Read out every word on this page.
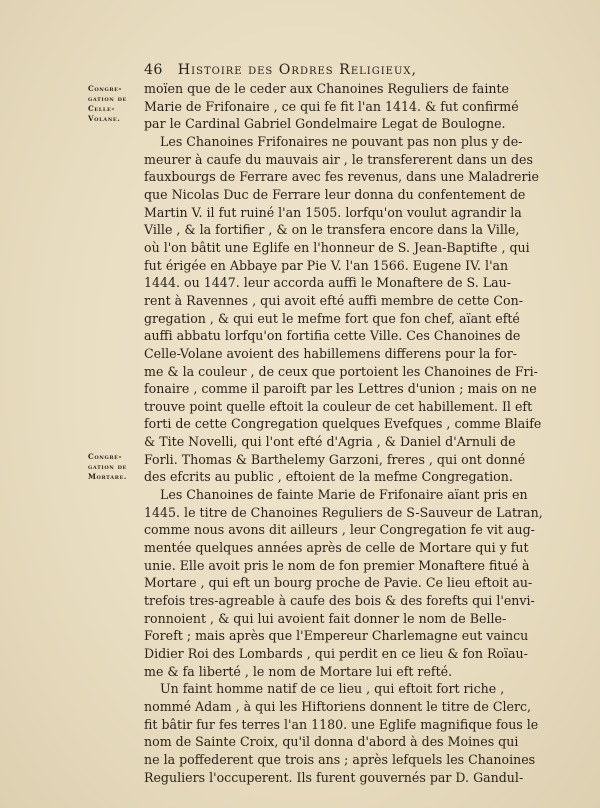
46 Histoire des Ordres Religieux,
Congre-
gation de
Celle-
Volane.
Congré-
gation de
Mortare.
moïen que de le ceder aux Chanoines Reguliers de fainte
Marie de Frifonaire , ce qui fe fit l'an 1414. & fut confirmé
par le Cardinal Gabriel Gondelmaire Legat de Boulogne.
Les Chanoines Frifonaires ne pouvant pas non plus y de-
meurer à caufe du mauvais air , le transfererent dans un des
fauxbourgs de Ferrare avec fes revenus, dans une Maladrerie
que Nicolas Duc de Ferrare leur donna du confentement de
Martin V. il fut ruiné l'an 1505. lorfqu'on voulut agrandir la
Ville , & la fortifier , & on le transfera encore dans la Ville,
où l'on bâtit une Eglife en l'honneur de S. Jean-Baptifte , qui
fut érigée en Abbaye par Pie V. l'an 1566. Eugene IV. l'an
1444. ou 1447. leur accorda auffi le Monaftere de S. Lau-
rent à Ravennes , qui avoit efté auffi membre de cette Con-
gregation , & qui eut le mefme fort que fon chef, aïant efté
auffi abbatu lorfqu'on fortifia cette Ville. Ces Chanoines de
Celle-Volane avoient des habillemens differens pour la for-
me & la couleur , de ceux que portoient les Chanoines de Fri-
fonaire , comme il paroift par les Lettres d'union ; mais on ne
trouve point quelle eftoit la couleur de cet habillement. Il eft
forti de cette Congregation quelques Evefques , comme Blaife
& Tite Novelli, qui l'ont efté d'Agria , & Daniel d'Arnuli de
Forli. Thomas & Barthelemy Garzoni, freres , qui ont donné
des efcrits au public , eftoient de la mefme Congregation.
Les Chanoines de fainte Marie de Frifonaire aïant pris en
1445. le titre de Chanoines Reguliers de S-Sauveur de Latran,
comme nous avons dit ailleurs , leur Congregation fe vit aug-
mentée quelques années après de celle de Mortare qui y fut
unie. Elle avoit pris le nom de fon premier Monaftere fitué à
Mortare , qui eft un bourg proche de Pavie. Ce lieu eftoit au-
trefois tres-agreable à caufe des bois & des forefts qui l'envi-
ronnoient , & qui lui avoient fait donner le nom de Belle-
Foreft ; mais après que l'Empereur Charlemagne eut vaincu
Didier Roi des Lombards , qui perdit en ce lieu & fon Roïau-
me & fa liberté , le nom de Mortare lui eft refté.
Un faint homme natif de ce lieu , qui eftoit fort riche ,
nommé Adam , à qui les Hiftoriens donnent le titre de Clerc,
fit bâtir fur fes terres l'an 1180. une Eglife magnifique fous le
nom de Sainte Croix, qu'il donna d'abord à des Moines qui
ne la poffederent que trois ans ; après lefquels les Chanoines
Reguliers l'occuperent. Ils furent gouvernés par D. Gandul-
